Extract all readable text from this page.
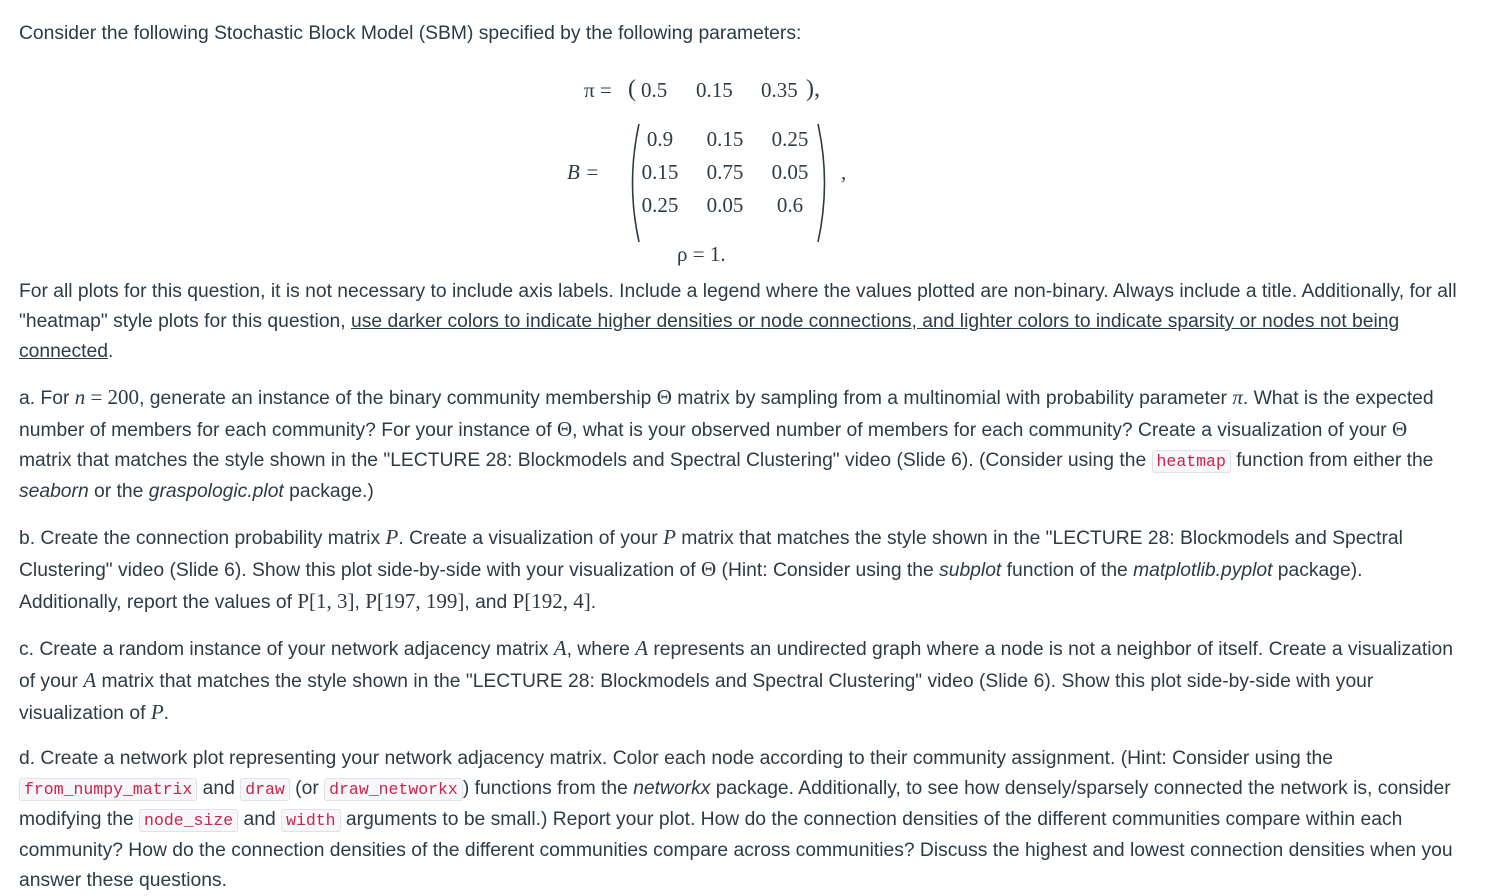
Consider the following Stochastic Block Model (SBM) specified by the following parameters:

π = ( 0.5 0.15 0.35 ),
B =
0.9	0.15	0.25
0.15	0.75	0.05
0.25	0.05	0.6
,
ρ = 1.

For all plots for this question, it is not necessary to include axis labels. Include a legend where the values plotted are non-binary. Always include a title. Additionally, for all "heatmap" style plots for this question, use darker colors to indicate higher densities or node connections, and lighter colors to indicate sparsity or nodes not being connected.

a. For n = 200, generate an instance of the binary community membership Θ matrix by sampling from a multinomial with probability parameter π. What is the expected number of members for each community? For your instance of Θ, what is your observed number of members for each community? Create a visualization of your Θ matrix that matches the style shown in the "LECTURE 28: Blockmodels and Spectral Clustering" video (Slide 6). (Consider using the heatmap function from either the seaborn or the graspologic.plot package.)

b. Create the connection probability matrix P. Create a visualization of your P matrix that matches the style shown in the "LECTURE 28: Blockmodels and Spectral Clustering" video (Slide 6). Show this plot side-by-side with your visualization of Θ (Hint: Consider using the subplot function of the matplotlib.pyplot package). Additionally, report the values of P[1, 3], P[197, 199], and P[192, 4].

c. Create a random instance of your network adjacency matrix A, where A represents an undirected graph where a node is not a neighbor of itself. Create a visualization of your A matrix that matches the style shown in the "LECTURE 28: Blockmodels and Spectral Clustering" video (Slide 6). Show this plot side-by-side with your visualization of P.

d. Create a network plot representing your network adjacency matrix. Color each node according to their community assignment. (Hint: Consider using the from_numpy_matrix and draw (or draw_networkx ) functions from the networkx package. Additionally, to see how densely/sparsely connected the network is, consider modifying the node_size and width arguments to be small.) Report your plot. How do the connection densities of the different communities compare within each community? How do the connection densities of the different communities compare across communities? Discuss the highest and lowest connection densities when you answer these questions.
